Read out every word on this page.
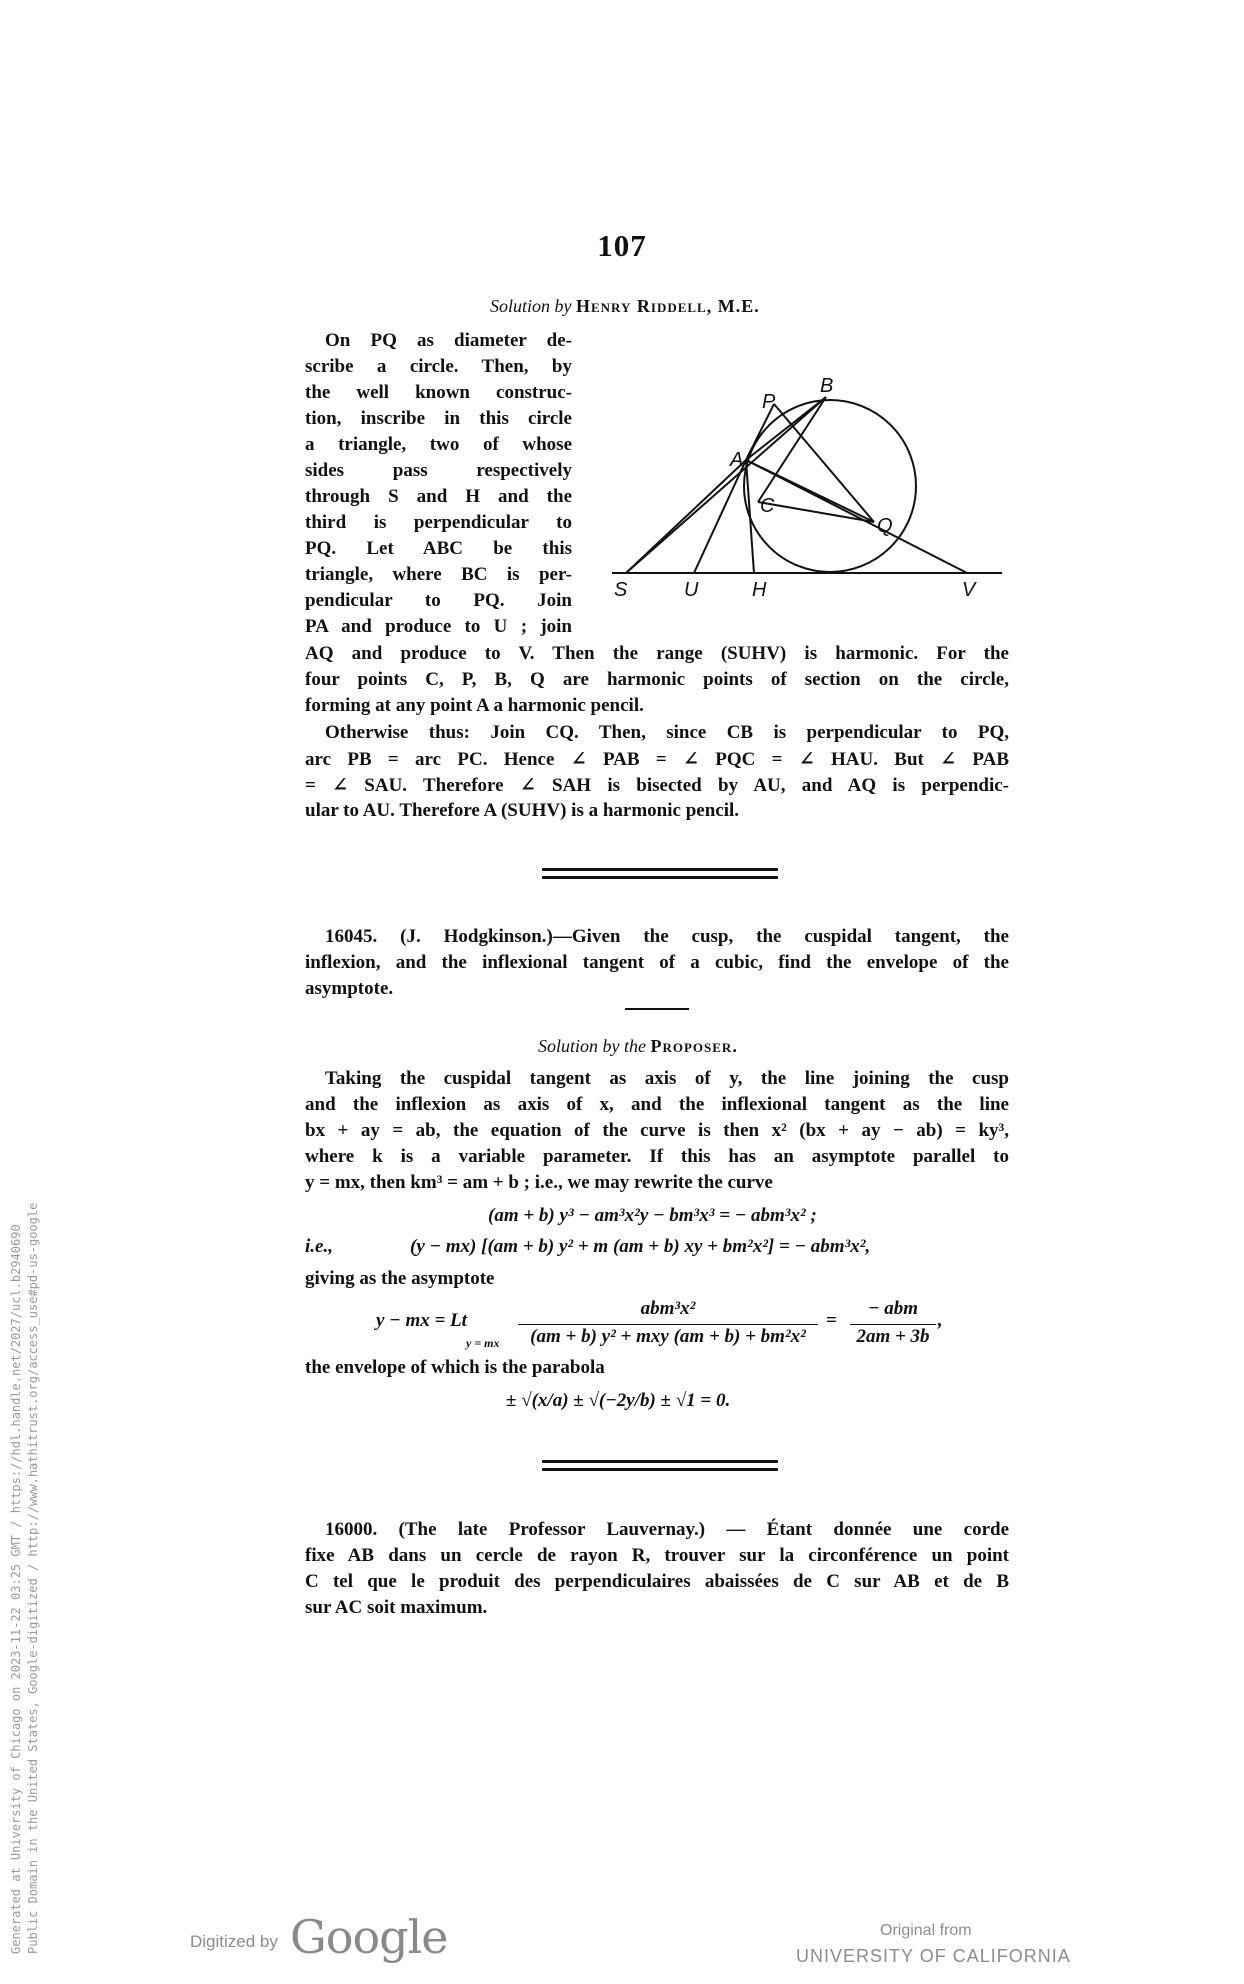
107
Solution by Henry Riddell, M.E.
On PQ as diameter de-
scribe a circle. Then, by
the well known construc-
tion, inscribe in this circle
a triangle, two of whose
sides pass respectively
through S and H and the
third is perpendicular to
PQ. Let ABC be this
triangle, where BC is per-
pendicular to PQ. Join
PA and produce to U ; join
B
P
A
C
Q
S	U	H	V
AQ and produce to V. Then the range (SUHV) is harmonic. For the
four points C, P, B, Q are harmonic points of section on the circle,
forming at any point A a harmonic pencil.
Otherwise thus: Join CQ. Then, since CB is perpendicular to PQ,
arc PB = arc PC. Hence ∠ PAB = ∠ PQC = ∠ HAU. But ∠ PAB
= ∠ SAU. Therefore ∠ SAH is bisected by AU, and AQ is perpendic-
ular to AU. Therefore A (SUHV) is a harmonic pencil.
16045. (J. Hodgkinson.)—Given the cusp, the cuspidal tangent, the
inflexion, and the inflexional tangent of a cubic, find the envelope of the
asymptote.
Solution by the Proposer.
Taking the cuspidal tangent as axis of y, the line joining the cusp
and the inflexion as axis of x, and the inflexional tangent as the line
bx + ay = ab, the equation of the curve is then x² (bx + ay − ab) = ky³,
where k is a variable parameter. If this has an asymptote parallel to
y = mx, then km³ = am + b ; i.e., we may rewrite the curve
(am + b) y³ − am³x²y − bm³x³ = − abm³x² ;
i.e.,	(y − mx) [(am + b) y² + m (am + b) xy + bm²x²] = − abm³x²,
giving as the asymptote
y − mx = Lt
y = mx
abm³x²
(am + b) y² + mxy (am + b) + bm²x²
=
− abm
2am + 3b
,
the envelope of which is the parabola
± √(x/a) ± √(−2y/b) ± √1 = 0.
16000. (The late Professor Lauvernay.) — Étant donnée une corde
fixe AB dans un cercle de rayon R, trouver sur la circonférence un point
C tel que le produit des perpendiculaires abaissées de C sur AB et de B
sur AC soit maximum.
Generated at University of Chicago on 2023-11-22 03:25 GMT / https://hdl.handle.net/2027/ucl.b2940690 Public Domain in the United States, Google-digitized / http://www.hathitrust.org/access_use#pd-us-google	Digitized by Google	Original from
UNIVERSITY OF CALIFORNIA
